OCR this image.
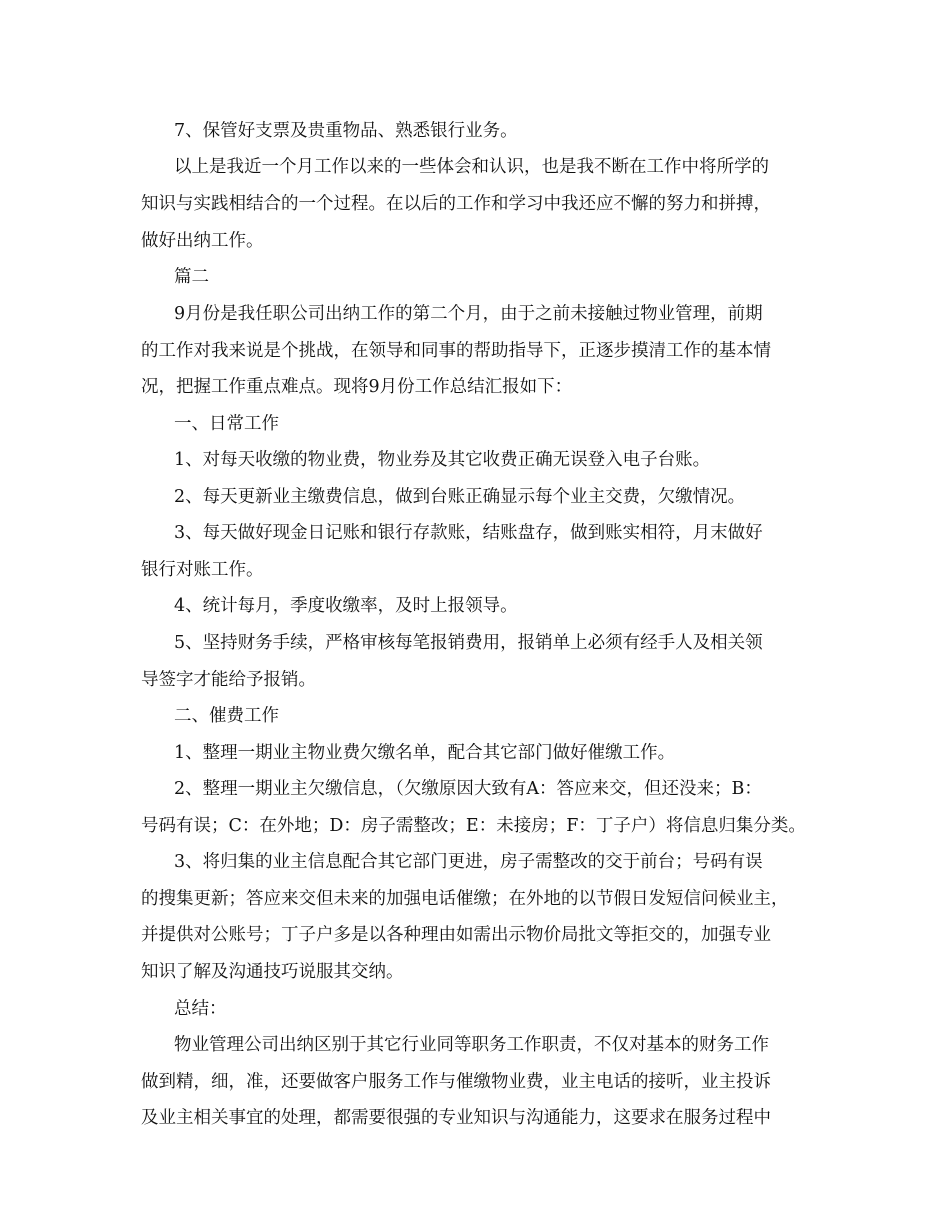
7、保管好支票及贵重物品、熟悉银行业务。

以上是我近一个月工作以来的一些体会和认识，也是我不断在工作中将所学的

知识与实践相结合的一个过程。在以后的工作和学习中我还应不懈的努力和拼搏，

做好出纳工作。

篇二

9月份是我任职公司出纳工作的第二个月，由于之前未接触过物业管理，前期

的工作对我来说是个挑战，在领导和同事的帮助指导下，正逐步摸清工作的基本情

况，把握工作重点难点。现将9月份工作总结汇报如下：

一、日常工作

1、对每天收缴的物业费，物业券及其它收费正确无误登入电子台账。

2、每天更新业主缴费信息，做到台账正确显示每个业主交费，欠缴情况。

3、每天做好现金日记账和银行存款账，结账盘存，做到账实相符，月末做好

银行对账工作。

4、统计每月，季度收缴率，及时上报领导。

5、坚持财务手续，严格审核每笔报销费用，报销单上必须有经手人及相关领

导签字才能给予报销。

二、催费工作

1、整理一期业主物业费欠缴名单，配合其它部门做好催缴工作。

2、整理一期业主欠缴信息，（欠缴原因大致有A：答应来交，但还没来；B：

号码有误；C：在外地；D：房子需整改；E：未接房；F：丁子户）将信息归集分类。

3、将归集的业主信息配合其它部门更进，房子需整改的交于前台；号码有误

的搜集更新；答应来交但未来的加强电话催缴；在外地的以节假日发短信问候业主，

并提供对公账号；丁子户多是以各种理由如需出示物价局批文等拒交的，加强专业

知识了解及沟通技巧说服其交纳。

总结：

物业管理公司出纳区别于其它行业同等职务工作职责，不仅对基本的财务工作

做到精，细，准，还要做客户服务工作与催缴物业费，业主电话的接听，业主投诉

及业主相关事宜的处理，都需要很强的专业知识与沟通能力，这要求在服务过程中
